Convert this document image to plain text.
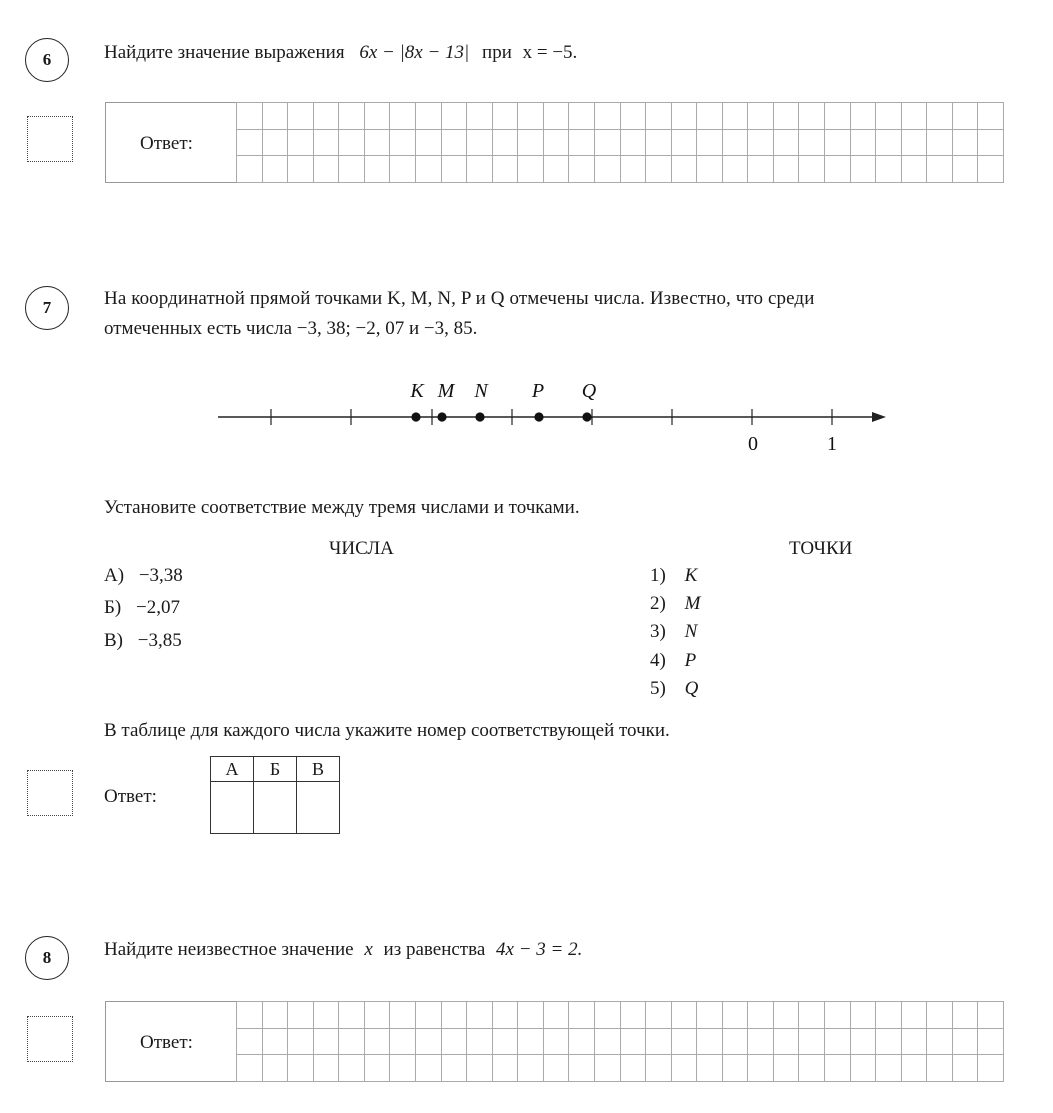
6	Найдите значение выражения 6x − |8x − 13| при x = −5.
Ответ:
7	На координатной прямой точками K, M, N, P и Q отмечены числа. Известно, что среди
отмеченных есть числа −3, 38; −2, 07 и −3, 85.
K M N P Q
0	1
Установите соответствие между тремя числами и точками.
ЧИСЛА	ТОЧКИ
А) −3,38
Б) −2,07
В) −3,85
1) K
2) M
3) N
4) P
5) Q
В таблице для каждого числа укажите номер соответствующей точки.
Ответ:
А	Б	В

8	Найдите неизвестное значение x из равенства 4x − 3 = 2.
Ответ:
